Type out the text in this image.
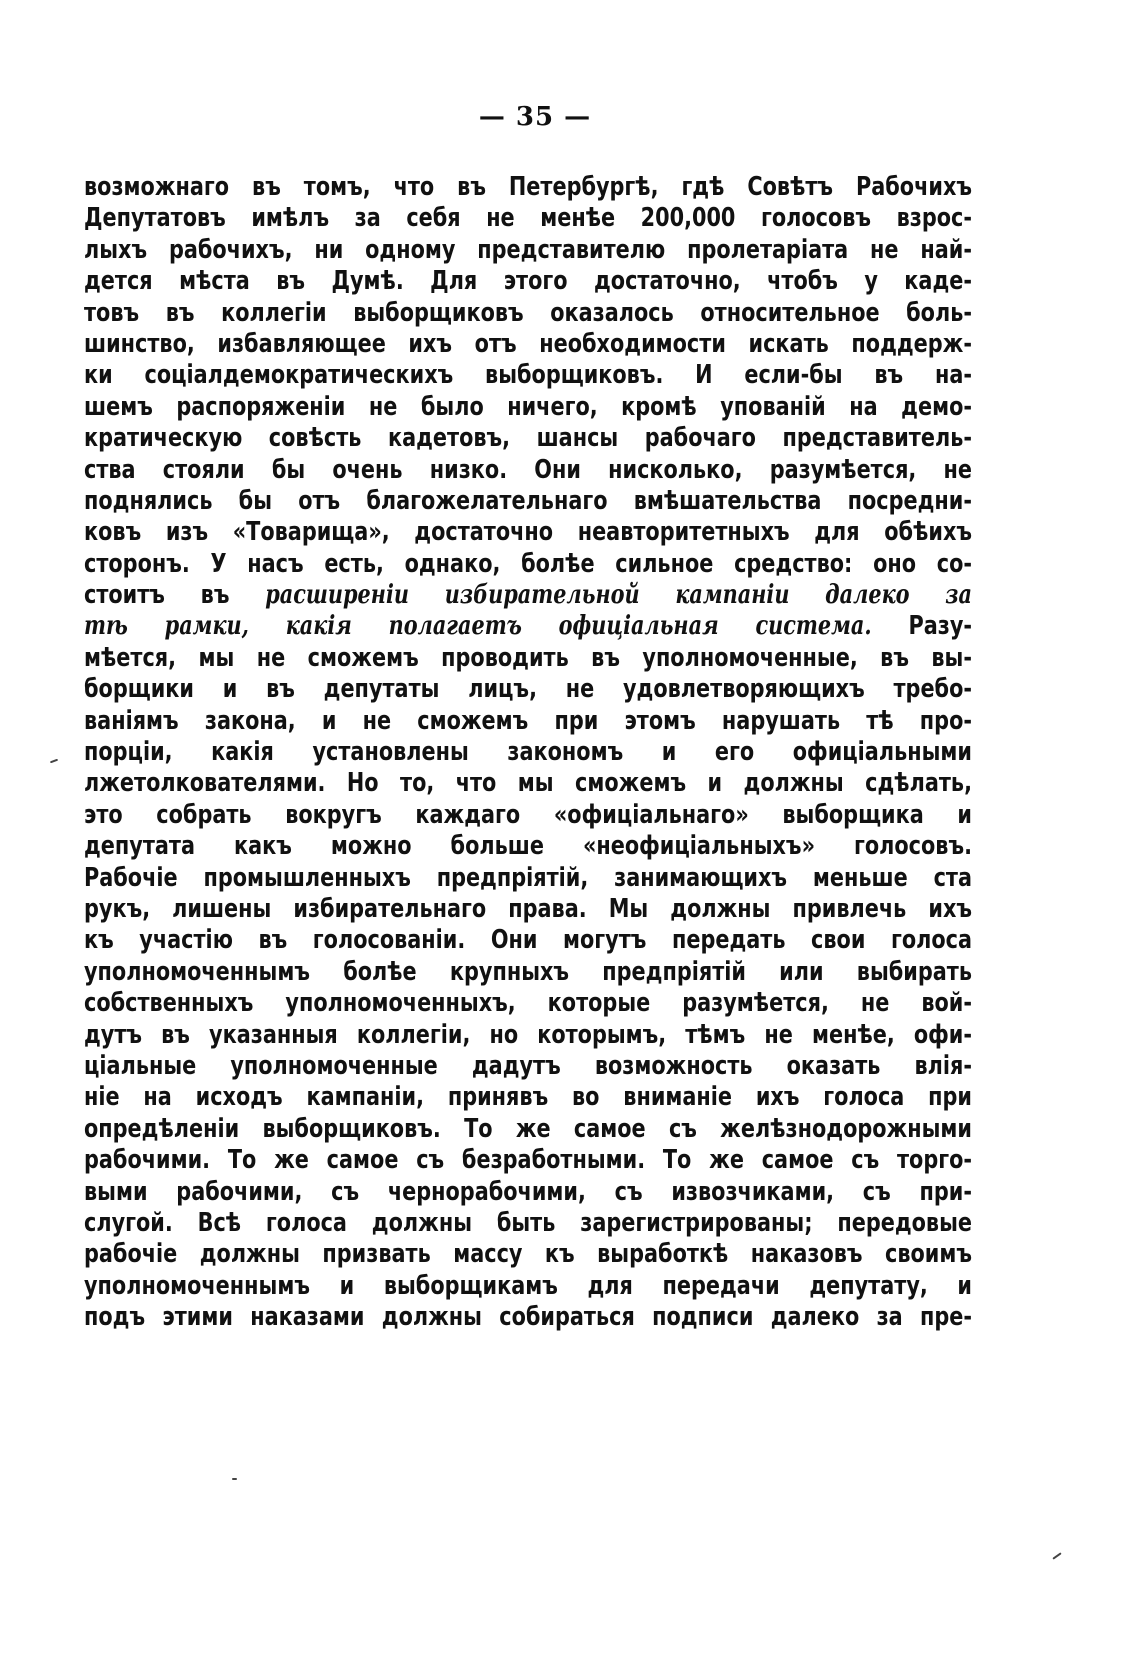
— 35 —
возможнаго въ томъ, что въ Петербургѣ, гдѣ Совѣтъ Рабочихъ
Депутатовъ имѣлъ за себя не менѣе 200,000 голосовъ взрос-
лыхъ рабочихъ, ни одному представителю пролетаріата не най-
дется мѣста въ Думѣ. Для этого достаточно, чтобъ у каде-
товъ въ коллегіи выборщиковъ оказалось относительное боль-
шинство, избавляющее ихъ отъ необходимости искать поддерж-
ки соціалдемократическихъ выборщиковъ. И если-бы въ на-
шемъ распоряженіи не было ничего, кромѣ упованій на демо-
кратическую совѣсть кадетовъ, шансы рабочаго представитель-
ства стояли бы очень низко. Они нисколько, разумѣется, не
поднялись бы отъ благожелательнаго вмѣшательства посредни-
ковъ изъ «Товарища», достаточно неавторитетныхъ для обѣихъ
сторонъ. У насъ есть, однако, болѣе сильное средство: оно со-
стоитъ въ расширеніи избирательной кампаніи далеко за
тѣ рамки, какія полагаетъ офиціальная система. Разу-
мѣется, мы не сможемъ проводить въ уполномоченные, въ вы-
борщики и въ депутаты лицъ, не удовлетворяющихъ требо-
ваніямъ закона, и не сможемъ при этомъ нарушать тѣ про-
порціи, какія установлены закономъ и его офиціальными
лжетолкователями. Но то, что мы сможемъ и должны сдѣлать,
это собрать вокругъ каждаго «офиціальнаго» выборщика и
депутата какъ можно больше «неофиціальныхъ» голосовъ.
Рабочіе промышленныхъ предпріятій, занимающихъ меньше ста
рукъ, лишены избирательнаго права. Мы должны привлечь ихъ
къ участію въ голосованіи. Они могутъ передать свои голоса
уполномоченнымъ болѣе крупныхъ предпріятій или выбирать
собственныхъ уполномоченныхъ, которые разумѣется, не вой-
дутъ въ указанныя коллегіи, но которымъ, тѣмъ не менѣе, офи-
ціальные уполномоченные дадутъ возможность оказать влія-
ніе на исходъ кампаніи, принявъ во вниманіе ихъ голоса при
опредѣленіи выборщиковъ. То же самое съ желѣзнодорожными
рабочими. То же самое съ безработными. То же самое съ торго-
выми рабочими, съ чернорабочими, съ извозчиками, съ при-
слугой. Всѣ голоса должны быть зарегистрированы; передовые
рабочіе должны призвать массу къ выработкѣ наказовъ своимъ
уполномоченнымъ и выборщикамъ для передачи депутату, и
подъ этими наказами должны собираться подписи далеко за пре-
